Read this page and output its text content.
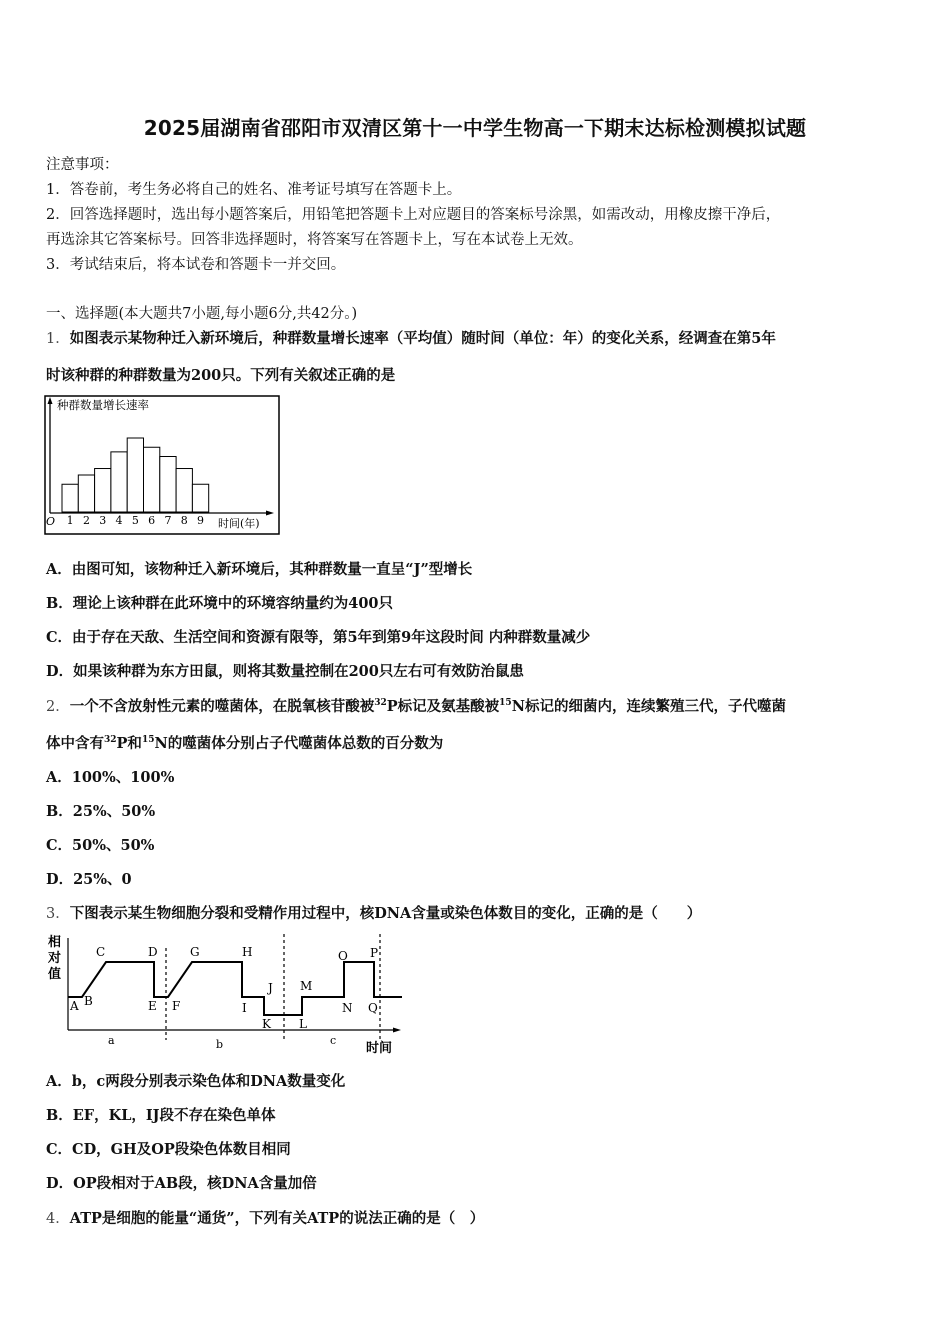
2025届湖南省邵阳市双清区第十一中学生物高一下期末达标检测模拟试题
注意事项：
1．答卷前，考生务必将自己的姓名、准考证号填写在答题卡上。
2．回答选择题时，选出每小题答案后，用铅笔把答题卡上对应题目的答案标号涂黑，如需改动，用橡皮擦干净后，
再选涂其它答案标号。回答非选择题时，将答案写在答题卡上，写在本试卷上无效。
3．考试结束后，将本试卷和答题卡一并交回。
一、选择题(本大题共7小题,每小题6分,共42分。)
1．如图表示某物种迁入新环境后，种群数量增长速率（平均值）随时间（单位：年）的变化关系，经调查在第5年
时该种群的种群数量为200只。下列有关叙述正确的是
种群数量增长速率
O	时间(年)
1 2 3 4 5 6 7 8 9
A．由图可知，该物种迁入新环境后，其种群数量一直呈“J”型增长
B．理论上该种群在此环境中的环境容纳量约为400只
C．由于存在天敌、生活空间和资源有限等，第5年到第9年这段时间 内种群数量减少
D．如果该种群为东方田鼠，则将其数量控制在200只左右可有效防治鼠患
2．一个不含放射性元素的噬菌体，在脱氧核苷酸被$^{32}$P标记及氨基酸被$^{15}$N标记的细菌内，连续繁殖三代，子代噬菌
体中含有$^{32}$P和$^{15}$N的噬菌体分别占子代噬菌体总数的百分数为
A．100%、100%
B．25%、50%
C．50%、50%
D．25%、0
3．下图表示某生物细胞分裂和受精作用过程中，核DNA含量或染色体数目的变化，正确的是（　　）
相
对
值
A B
C	D
E F
G	H
I
J
K L
M
N
O P
Q
a	b	c
时间
A．b，c两段分别表示染色体和DNA数量变化
B．EF，KL，IJ段不存在染色单体
C．CD，GH及OP段染色体数目相同
D．OP段相对于AB段，核DNA含量加倍
4．ATP是细胞的能量“通货”，下列有关ATP的说法正确的是（　）
